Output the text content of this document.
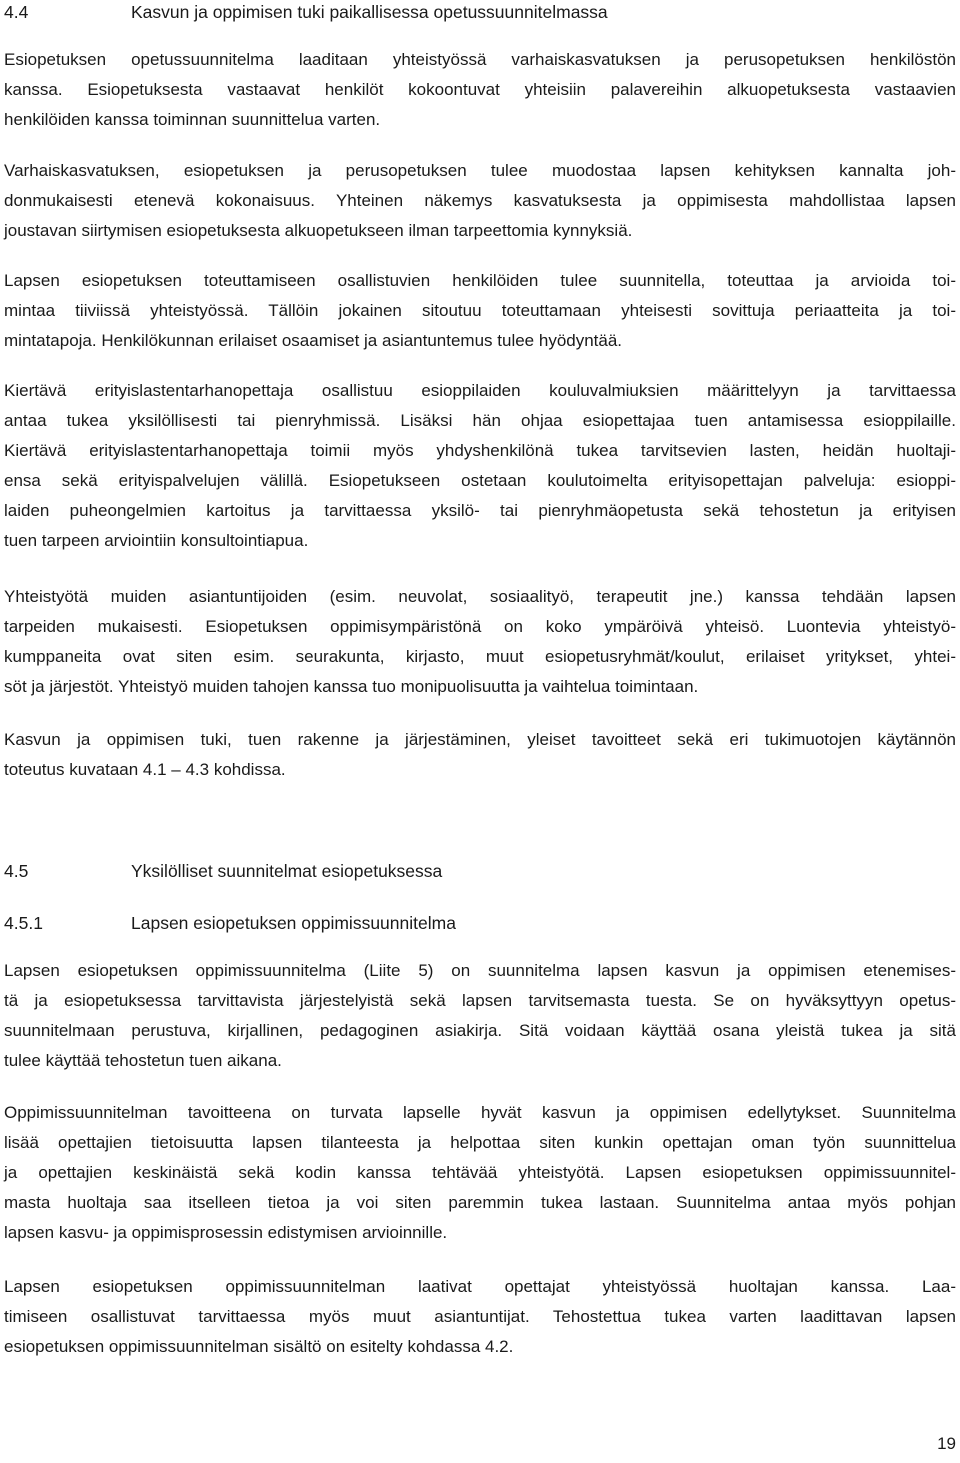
4.4	Kasvun ja oppimisen tuki paikallisessa opetussuunnitelmassa

Esiopetuksen opetussuunnitelma laaditaan yhteistyössä varhaiskasvatuksen ja perusopetuksen henkilöstön
kanssa. Esiopetuksesta vastaavat henkilöt kokoontuvat yhteisiin palavereihin alkuopetuksesta vastaavien
henkilöiden kanssa toiminnan suunnittelua varten.

Varhaiskasvatuksen, esiopetuksen ja perusopetuksen tulee muodostaa lapsen kehityksen kannalta joh-
donmukaisesti etenevä kokonaisuus. Yhteinen näkemys kasvatuksesta ja oppimisesta mahdollistaa lapsen
joustavan siirtymisen esiopetuksesta alkuopetukseen ilman tarpeettomia kynnyksiä.

Lapsen esiopetuksen toteuttamiseen osallistuvien henkilöiden tulee suunnitella, toteuttaa ja arvioida toi-
mintaa tiiviissä yhteistyössä. Tällöin jokainen sitoutuu toteuttamaan yhteisesti sovittuja periaatteita ja toi-
mintatapoja. Henkilökunnan erilaiset osaamiset ja asiantuntemus tulee hyödyntää.

Kiertävä erityislastentarhanopettaja osallistuu esioppilaiden kouluvalmiuksien määrittelyyn ja tarvittaessa
antaa tukea yksilöllisesti tai pienryhmissä. Lisäksi hän ohjaa esiopettajaa tuen antamisessa esioppilaille.
Kiertävä erityislastentarhanopettaja toimii myös yhdyshenkilönä tukea tarvitsevien lasten, heidän huoltaji-
ensa sekä erityispalvelujen välillä. Esiopetukseen ostetaan koulutoimelta erityisopettajan palveluja: esioppi-
laiden puheongelmien kartoitus ja tarvittaessa yksilö- tai pienryhmäopetusta sekä tehostetun ja erityisen
tuen tarpeen arviointiin konsultointiapua.

Yhteistyötä muiden asiantuntijoiden (esim. neuvolat, sosiaalityö, terapeutit jne.) kanssa tehdään lapsen
tarpeiden mukaisesti. Esiopetuksen oppimisympäristönä on koko ympäröivä yhteisö. Luontevia yhteistyö-
kumppaneita ovat siten esim. seurakunta, kirjasto, muut esiopetusryhmät/koulut, erilaiset yritykset, yhtei-
söt ja järjestöt. Yhteistyö muiden tahojen kanssa tuo monipuolisuutta ja vaihtelua toimintaan.

Kasvun ja oppimisen tuki, tuen rakenne ja järjestäminen, yleiset tavoitteet sekä eri tukimuotojen käytännön
toteutus kuvataan 4.1 – 4.3 kohdissa.

4.5	Yksilölliset suunnitelmat esiopetuksessa
4.5.1	Lapsen esiopetuksen oppimissuunnitelma

Lapsen esiopetuksen oppimissuunnitelma (Liite 5) on suunnitelma lapsen kasvun ja oppimisen etenemises-
tä ja esiopetuksessa tarvittavista järjestelyistä sekä lapsen tarvitsemasta tuesta. Se on hyväksyttyyn opetus-
suunnitelmaan perustuva, kirjallinen, pedagoginen asiakirja. Sitä voidaan käyttää osana yleistä tukea ja sitä
tulee käyttää tehostetun tuen aikana.

Oppimissuunnitelman tavoitteena on turvata lapselle hyvät kasvun ja oppimisen edellytykset. Suunnitelma
lisää opettajien tietoisuutta lapsen tilanteesta ja helpottaa siten kunkin opettajan oman työn suunnittelua
ja opettajien keskinäistä sekä kodin kanssa tehtävää yhteistyötä. Lapsen esiopetuksen oppimissuunnitel-
masta huoltaja saa itselleen tietoa ja voi siten paremmin tukea lastaan. Suunnitelma antaa myös pohjan
lapsen kasvu- ja oppimisprosessin edistymisen arvioinnille.

Lapsen esiopetuksen oppimissuunnitelman laativat opettajat yhteistyössä huoltajan kanssa. Laa-
timiseen osallistuvat tarvittaessa myös muut asiantuntijat. Tehostettua tukea varten laadittavan lapsen
esiopetuksen oppimissuunnitelman sisältö on esitelty kohdassa 4.2.

19
